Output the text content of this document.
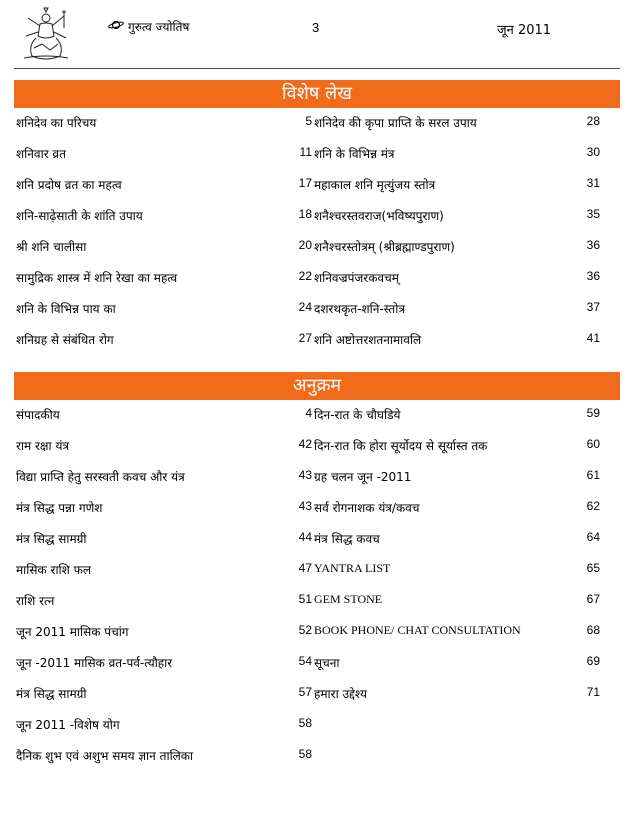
गुरुत्व ज्योतिष	3	जून 2011
विशेष लेख
शनिदेव का परिचय	5 शनिदेव की कृपा प्राप्ति के सरल उपाय	28
शनिवार व्रत	11 शनि के विभिन्न मंत्र	30
शनि प्रदोष व्रत का महत्व	17 महाकाल शनि मृत्युंजय स्तोत्र	31
शनि-साढ़ेसाती के शांति उपाय	18 शनैश्चरस्तवराज(भविष्यपुराण)	35
श्री शनि चालीसा	20 शनैश्चरस्तोत्रम् (श्रीब्रह्माण्डपुराण)	36
सामुद्रिक शास्त्र में शनि रेखा का महत्व	22 शनिवज्रपंजरकवचम्	36
शनि के विभिन्न पाय का	24 दशरथकृत-शनि-स्तोत्र	37
शनिग्रह से संबंधित रोग	27 शनि अष्टोत्तरशतनामावलि	41
अनुक्रम
संपादकीय	4 दिन-रात के चौघडिये	59
राम रक्षा यंत्र	42 दिन-रात कि होरा सूर्योदय से सूर्यास्त तक	60
विद्या प्राप्ति हेतु सरस्वती कवच और यंत्र	43 ग्रह चलन जून -2011	61
मंत्र सिद्ध पन्ना गणेश	43 सर्व रोगनाशक यंत्र/कवच	62
मंत्र सिद्ध सामग्री	44 मंत्र सिद्ध कवच	64
मासिक राशि फल	47 YANTRA LIST	65
राशि रत्न	51 GEM STONE	67
जून 2011 मासिक पंचांग	52 BOOK PHONE/ CHAT CONSULTATION	68
जून -2011 मासिक व्रत-पर्व-त्यौहार	54 सूचना	69
मंत्र सिद्ध सामग्री	57 हमारा उद्देश्य	71
जून 2011 -विशेष योग	58
दैनिक शुभ एवं अशुभ समय ज्ञान तालिका	58
